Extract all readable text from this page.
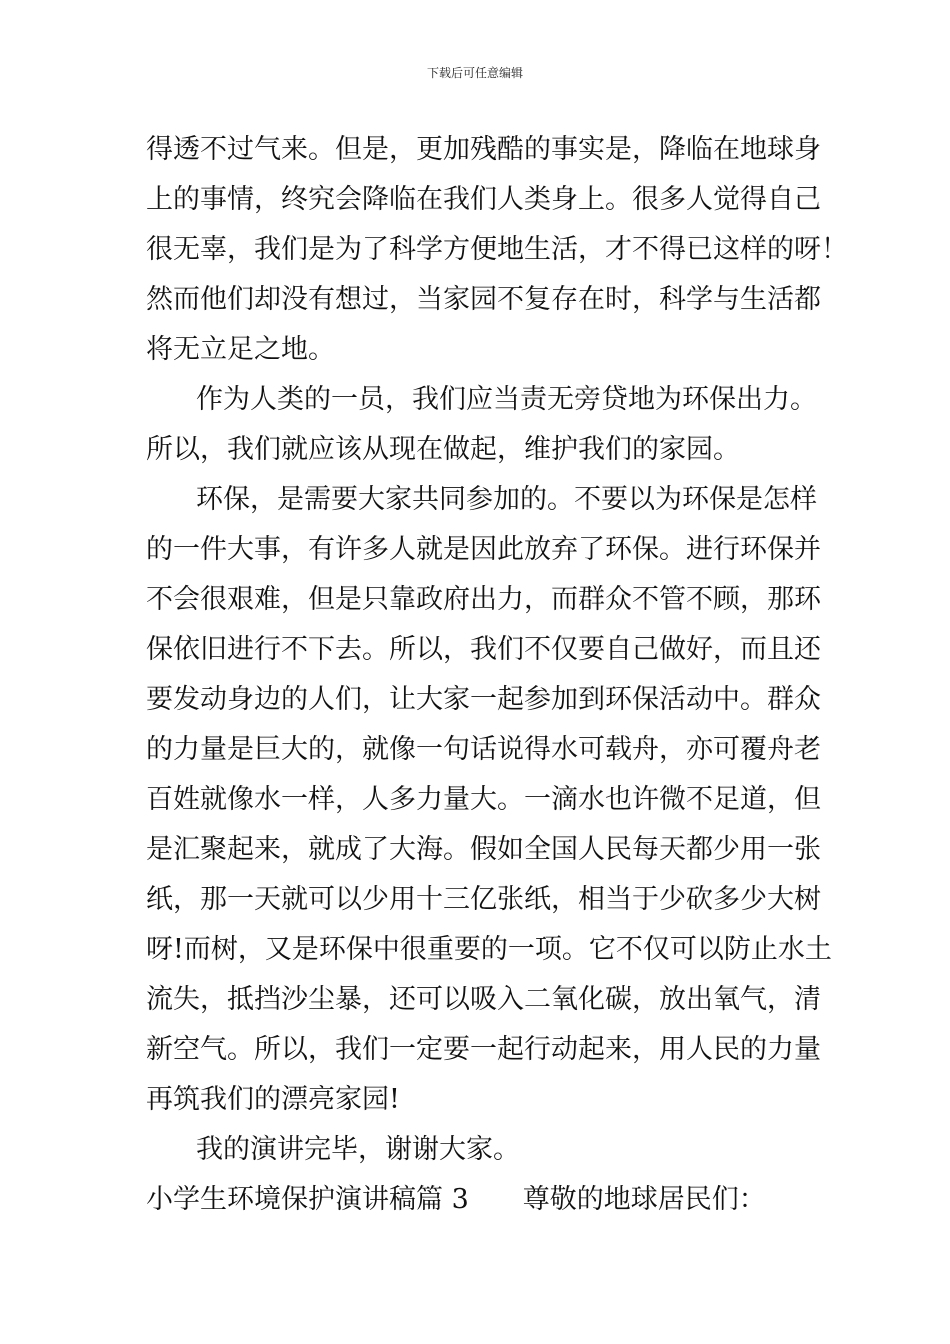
下载后可任意编辑
得透不过气来。但是，更加残酷的事实是，降临在地球身
上的事情，终究会降临在我们人类身上。很多人觉得自己
很无辜，我们是为了科学方便地生活，才不得已这样的呀！
然而他们却没有想过，当家园不复存在时，科学与生活都
将无立足之地。
作为人类的一员，我们应当责无旁贷地为环保出力。
所以，我们就应该从现在做起，维护我们的家园。
环保，是需要大家共同参加的。不要以为环保是怎样
的一件大事，有许多人就是因此放弃了环保。进行环保并
不会很艰难，但是只靠政府出力，而群众不管不顾，那环
保依旧进行不下去。所以，我们不仅要自己做好，而且还
要发动身边的人们，让大家一起参加到环保活动中。群众
的力量是巨大的，就像一句话说得水可载舟，亦可覆舟老
百姓就像水一样，人多力量大。一滴水也许微不足道，但
是汇聚起来，就成了大海。假如全国人民每天都少用一张
纸，那一天就可以少用十三亿张纸，相当于少砍多少大树
呀!而树，又是环保中很重要的一项。它不仅可以防止水土
流失，抵挡沙尘暴，还可以吸入二氧化碳，放出氧气，清
新空气。所以，我们一定要一起行动起来，用人民的力量
再筑我们的漂亮家园!
我的演讲完毕，谢谢大家。
小学生环境保护演讲稿篇 3 尊敬的地球居民们：
